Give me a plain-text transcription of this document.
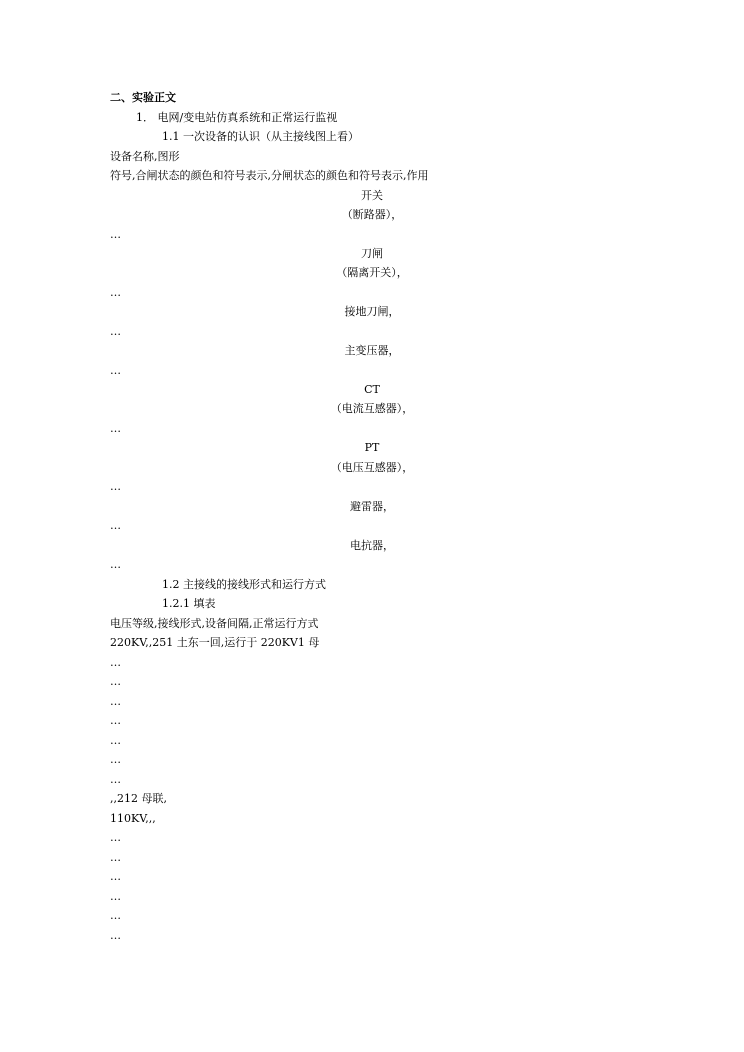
二、实验正文
1． 电网/变电站仿真系统和正常运行监视
1.1 一次设备的认识（从主接线图上看）
设备名称,图形
符号,合闸状态的颜色和符号表示,分闸状态的颜色和符号表示,作用
开关
（断路器），
…
刀闸
（隔离开关），
…
接地刀闸，
…
主变压器，
…
CT
（电流互感器），
…
PT
（电压互感器），
…
避雷器，
…
电抗器，
…
1.2 主接线的接线形式和运行方式
1.2.1 填表
电压等级,接线形式,设备间隔,正常运行方式
220KV,,251 土东一回,运行于 220KV1 母
…
…
…
…
…
…
…
,,212 母联,
110KV,,,
…
…
…
…
…
…
